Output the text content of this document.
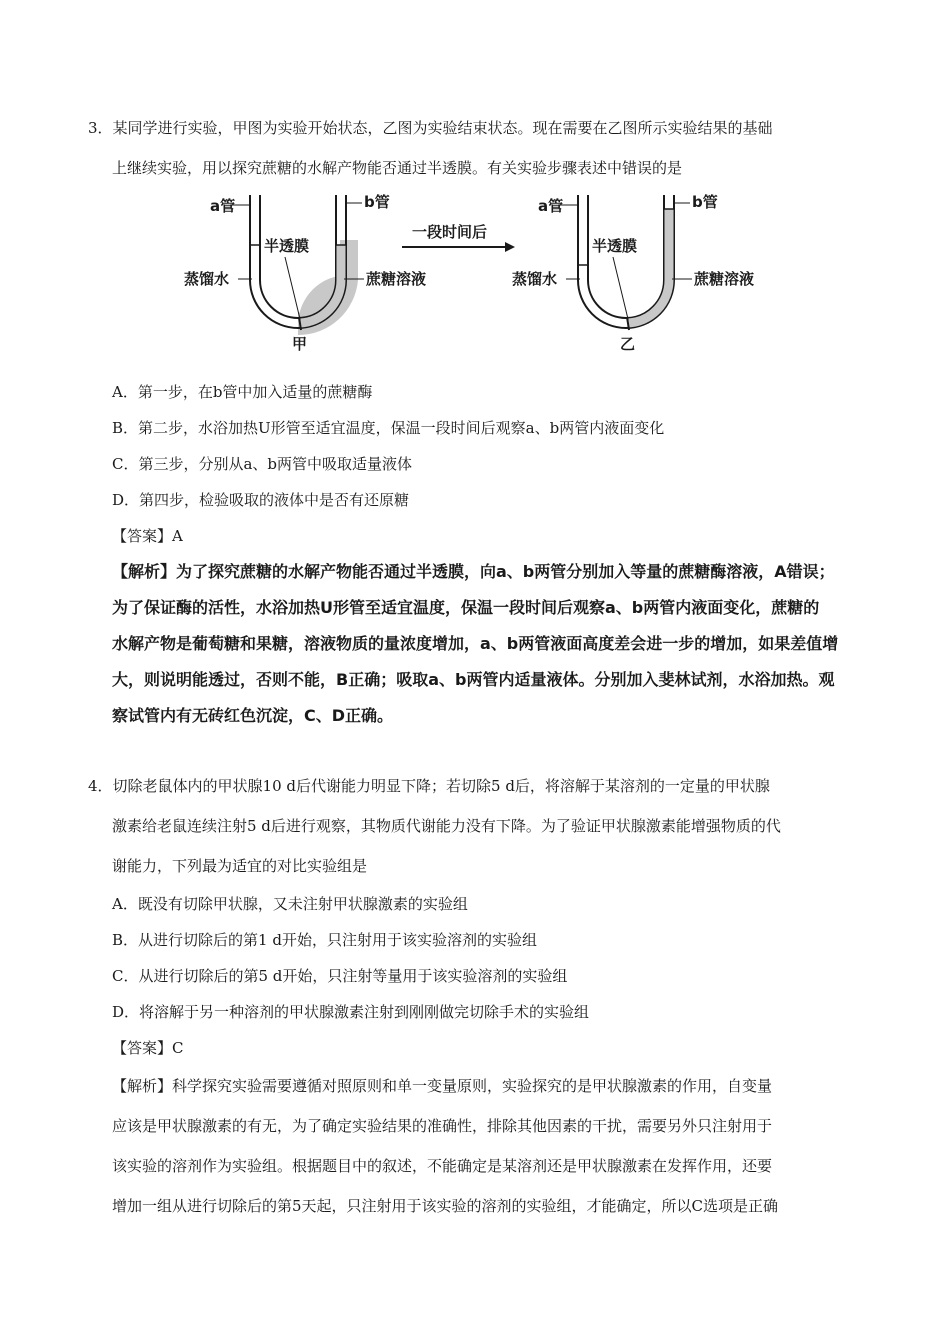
3．某同学进行实验，甲图为实验开始状态，乙图为实验结束状态。现在需要在乙图所示实验结果的基础
上继续实验，用以探究蔗糖的水解产物能否通过半透膜。有关实验步骤表述中错误的是
a管	b管
半透膜
蒸馏水	蔗糖溶液
甲
一段时间后
a管	b管
半透膜
蒸馏水	蔗糖溶液
乙
A．第一步，在b管中加入适量的蔗糖酶
B．第二步，水浴加热U形管至适宜温度，保温一段时间后观察a、b两管内液面变化
C．第三步，分别从a、b两管中吸取适量液体
D．第四步，检验吸取的液体中是否有还原糖
【答案】A
【解析】为了探究蔗糖的水解产物能否通过半透膜，向a、b两管分别加入等量的蔗糖酶溶液，A错误；
为了保证酶的活性，水浴加热U形管至适宜温度，保温一段时间后观察a、b两管内液面变化，蔗糖的
水解产物是葡萄糖和果糖，溶液物质的量浓度增加，a、b两管液面高度差会进一步的增加，如果差值增
大，则说明能透过，否则不能，B正确；吸取a、b两管内适量液体。分别加入斐林试剂，水浴加热。观
察试管内有无砖红色沉淀，C、D正确。
4．切除老鼠体内的甲状腺10 d后代谢能力明显下降；若切除5 d后，将溶解于某溶剂的一定量的甲状腺
激素给老鼠连续注射5 d后进行观察，其物质代谢能力没有下降。为了验证甲状腺激素能增强物质的代
谢能力，下列最为适宜的对比实验组是
A．既没有切除甲状腺，又未注射甲状腺激素的实验组
B．从进行切除后的第1 d开始，只注射用于该实验溶剂的实验组
C．从进行切除后的第5 d开始，只注射等量用于该实验溶剂的实验组
D．将溶解于另一种溶剂的甲状腺激素注射到刚刚做完切除手术的实验组
【答案】C
【解析】科学探究实验需要遵循对照原则和单一变量原则，实验探究的是甲状腺激素的作用，自变量
应该是甲状腺激素的有无，为了确定实验结果的准确性，排除其他因素的干扰，需要另外只注射用于
该实验的溶剂作为实验组。根据题目中的叙述，不能确定是某溶剂还是甲状腺激素在发挥作用，还要
增加一组从进行切除后的第5天起，只注射用于该实验的溶剂的实验组，才能确定，所以C选项是正确
